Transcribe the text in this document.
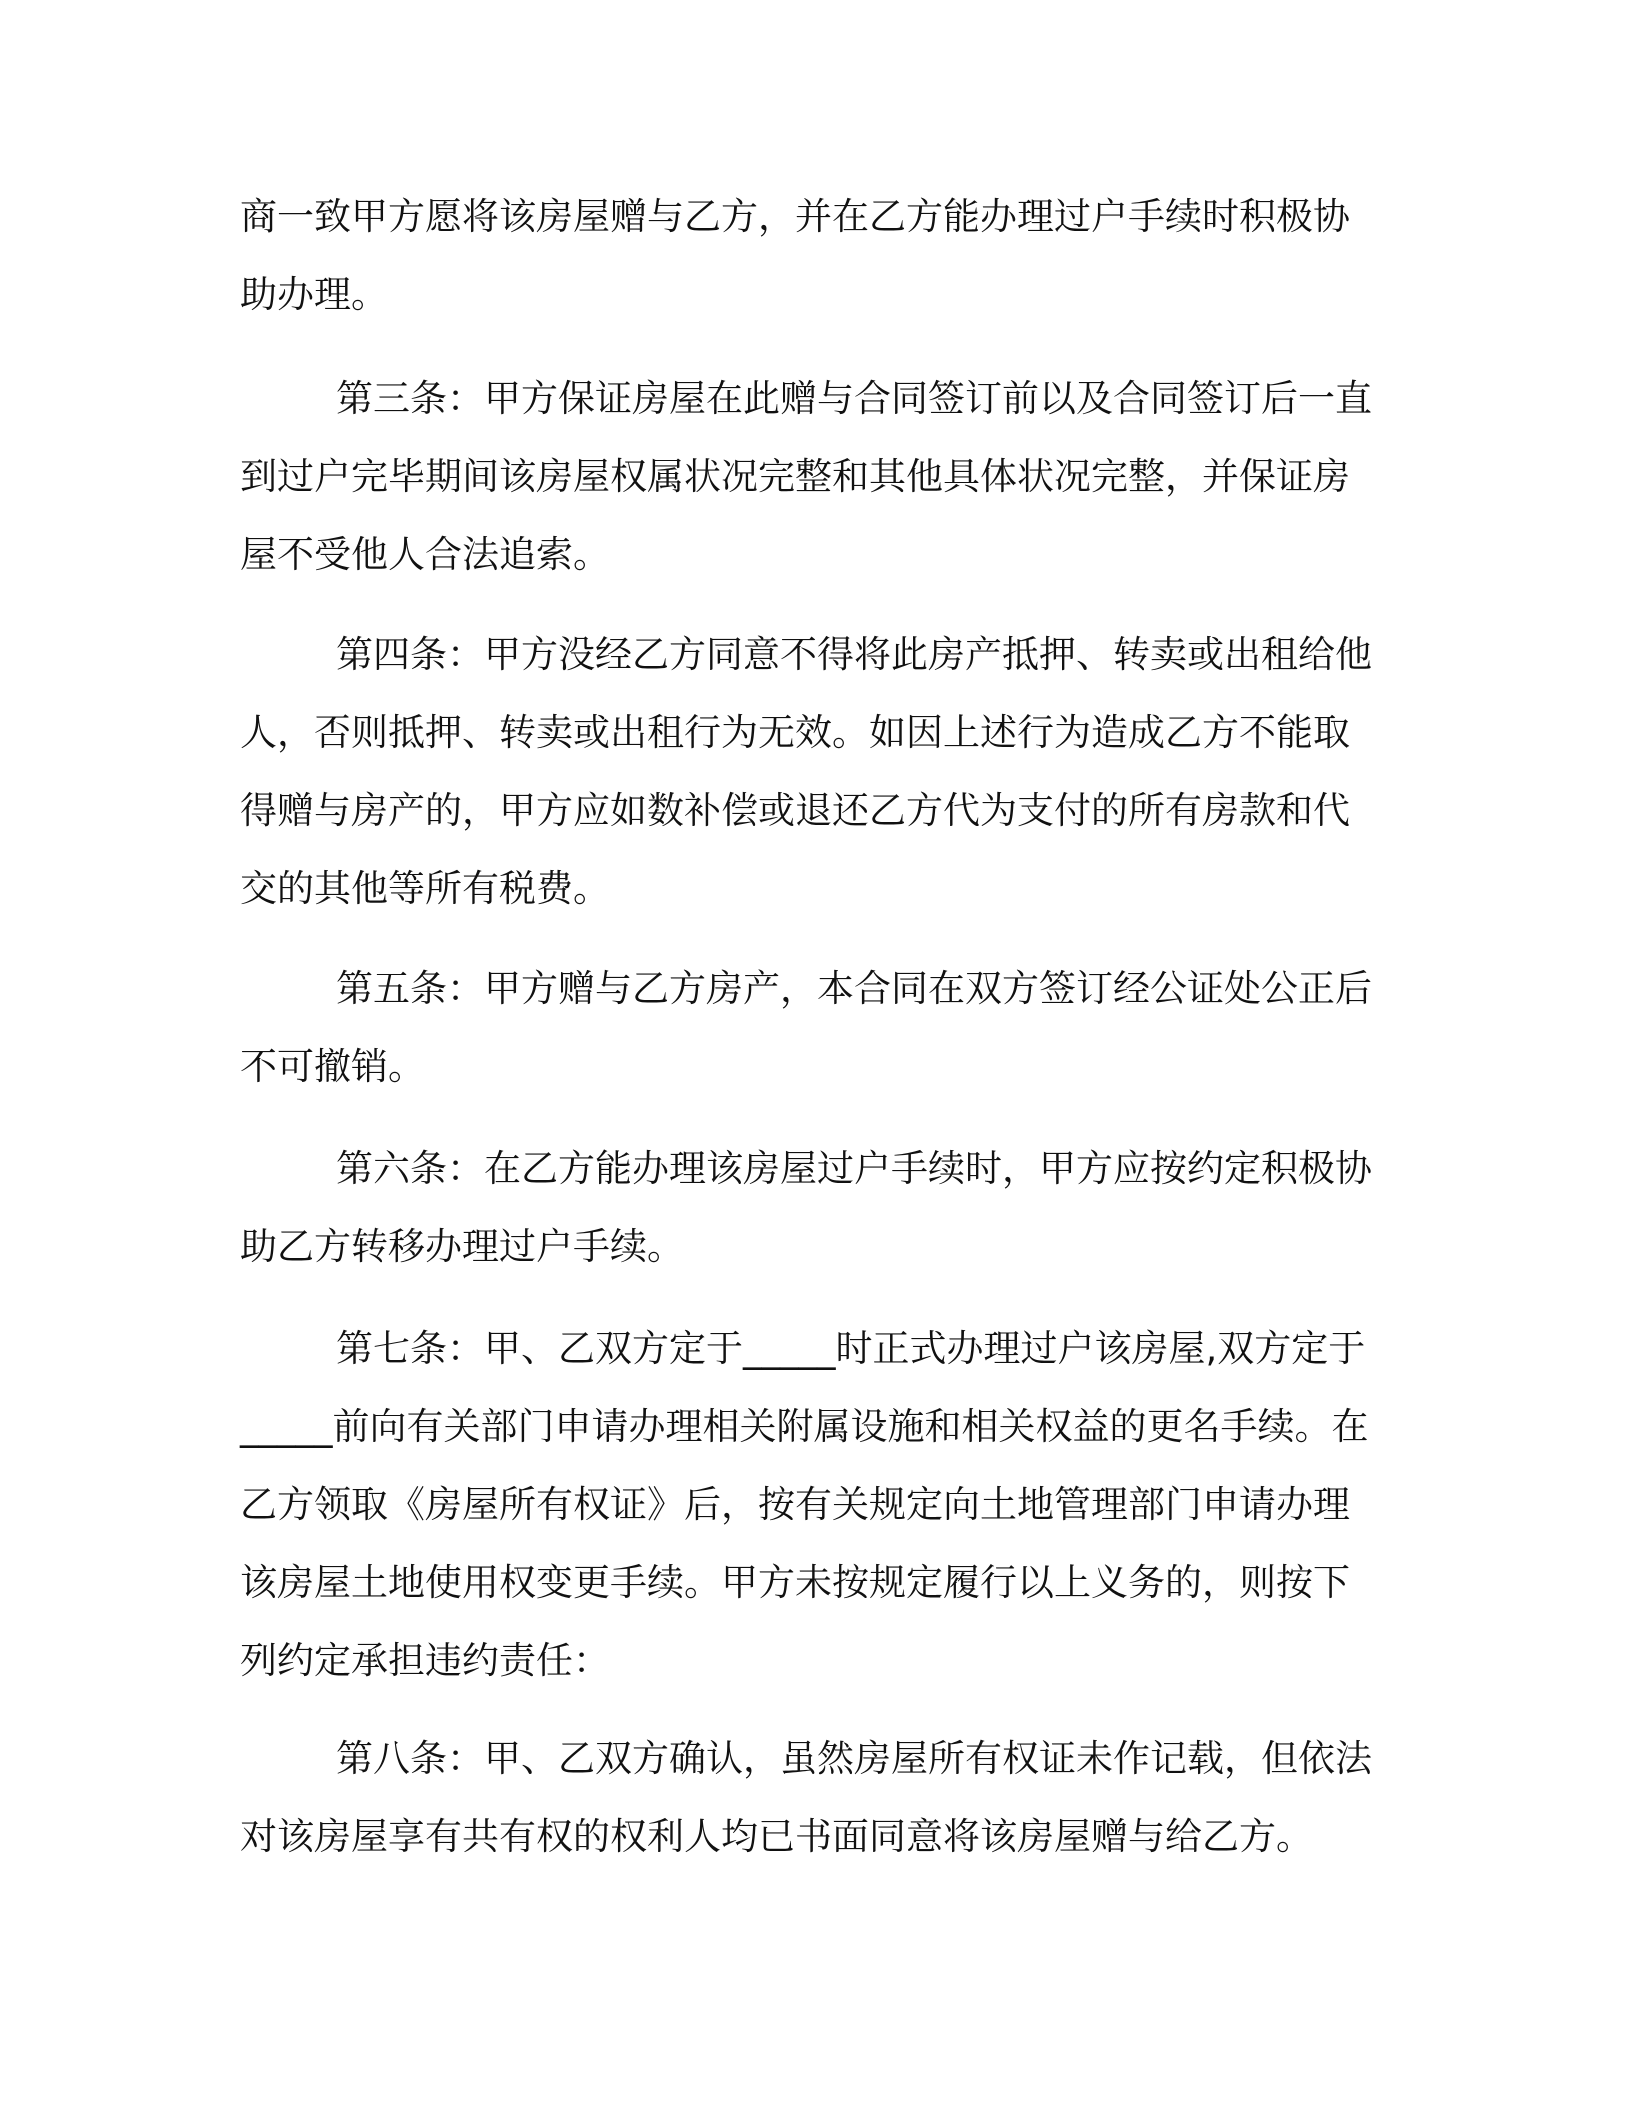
商一致甲方愿将该房屋赠与乙方，并在乙方能办理过户手续时积极协
助办理。
第三条：甲方保证房屋在此赠与合同签订前以及合同签订后一直
到过户完毕期间该房屋权属状况完整和其他具体状况完整，并保证房
屋不受他人合法追索。
第四条：甲方没经乙方同意不得将此房产抵押、转卖或出租给他
人，否则抵押、转卖或出租行为无效。如因上述行为造成乙方不能取
得赠与房产的，甲方应如数补偿或退还乙方代为支付的所有房款和代
交的其他等所有税费。
第五条：甲方赠与乙方房产，本合同在双方签订经公证处公正后
不可撤销。
第六条：在乙方能办理该房屋过户手续时，甲方应按约定积极协
助乙方转移办理过户手续。
第七条：甲、乙双方定于_____时正式办理过户该房屋,双方定于
_____前向有关部门申请办理相关附属设施和相关权益的更名手续。在
乙方领取《房屋所有权证》后，按有关规定向土地管理部门申请办理
该房屋土地使用权变更手续。甲方未按规定履行以上义务的，则按下
列约定承担违约责任：
第八条：甲、乙双方确认，虽然房屋所有权证未作记载，但依法
对该房屋享有共有权的权利人均已书面同意将该房屋赠与给乙方。
